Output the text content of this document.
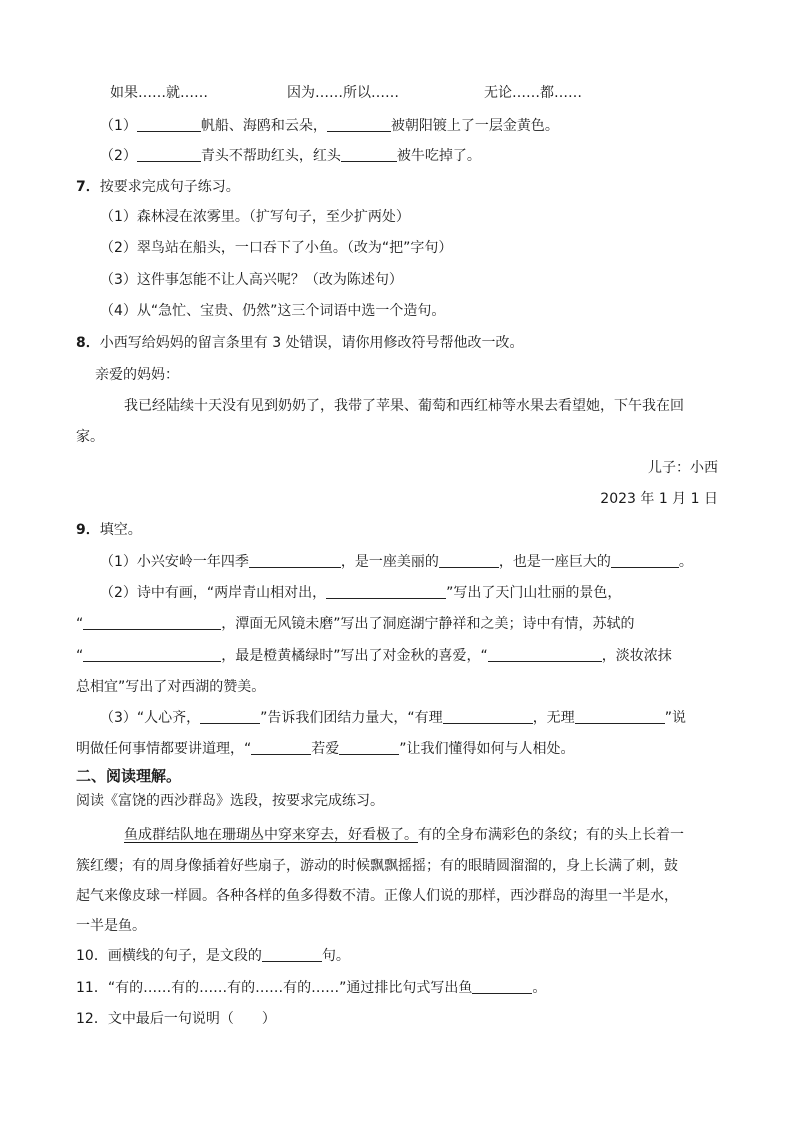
如果……就……	因为……所以……	无论……都……
（1）	帆船、海鸥和云朵，	被朝阳镀上了一层金黄色。
（2）	青头不帮助红头，红头	被牛吃掉了。
7．按要求完成句子练习。
（1）森林浸在浓雾里。（扩写句子，至少扩两处）
（2）翠鸟站在船头，一口吞下了小鱼。（改为“把”字句）
（3）这件事怎能不让人高兴呢？（改为陈述句）
（4）从“急忙、宝贵、仍然”这三个词语中选一个造句。
8．小西写给妈妈的留言条里有 3 处错误，请你用修改符号帮他改一改。
亲爱的妈妈：
我已经陆续十天没有见到奶奶了，我带了苹果、葡萄和西红柿等水果去看望她，下午我在回
家。
儿子：小西
2023 年 1 月 1 日
9．填空。
（1）小兴安岭一年四季	，是一座美丽的	，也是一座巨大的	。
（2）诗中有画，“两岸青山相对出，	”写出了天门山壮丽的景色，
“	，潭面无风镜未磨”写出了洞庭湖宁静祥和之美；诗中有情，苏轼的
“	，最是橙黄橘绿时”写出了对金秋的喜爱，“	，淡妆浓抹
总相宜”写出了对西湖的赞美。
（3）“人心齐，	”告诉我们团结力量大，“有理	，无理	”说
明做任何事情都要讲道理，“	若爱	”让我们懂得如何与人相处。
二、阅读理解。
阅读《富饶的西沙群岛》选段，按要求完成练习。
鱼成群结队地在珊瑚丛中穿来穿去，好看极了。有的全身布满彩色的条纹；有的头上长着一
簇红缨；有的周身像插着好些扇子，游动的时候飘飘摇摇；有的眼睛圆溜溜的，身上长满了刺，鼓
起气来像皮球一样圆。各种各样的鱼多得数不清。正像人们说的那样，西沙群岛的海里一半是水，
一半是鱼。
10．画横线的句子，是文段的	句。
11．“有的……有的……有的……有的……”通过排比句式写出鱼	。
12．文中最后一句说明（　　）
